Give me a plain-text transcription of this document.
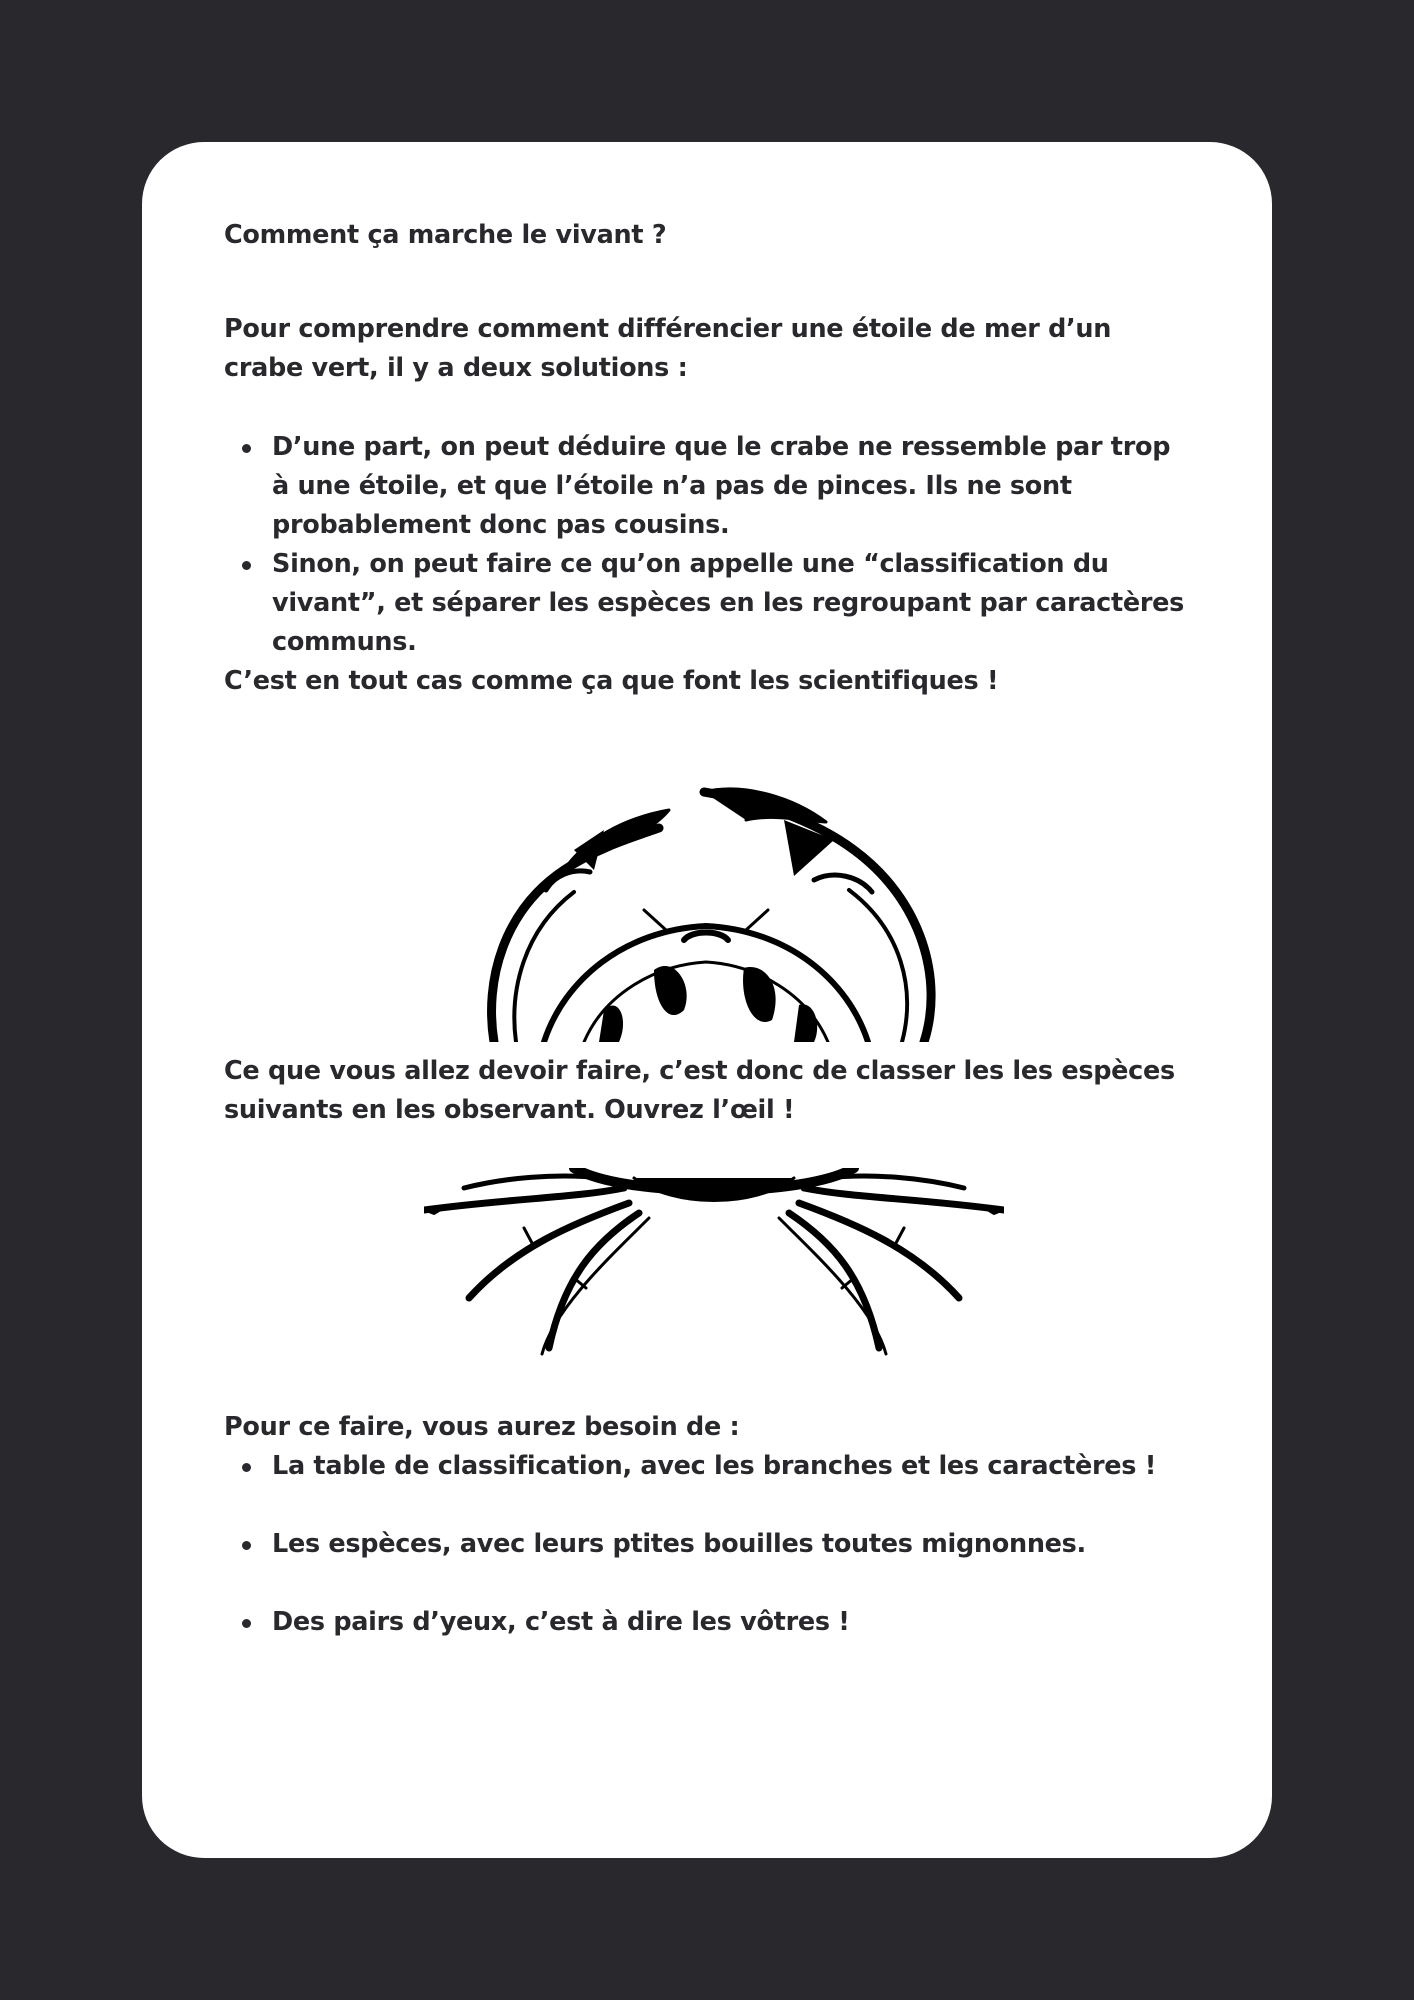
Comment ça marche le vivant ?

Pour comprendre comment différencier une étoile de mer d’un crabe vert, il y a deux solutions :

D’une part, on peut déduire que le crabe ne ressemble par trop à une étoile, et que l’étoile n’a pas de pinces. Ils ne sont probablement donc pas cousins.
Sinon, on peut faire ce qu’on appelle une “classification du vivant”, et séparer les espèces en les regroupant par caractères communs.

C’est en tout cas comme ça que font les scientifiques !

Ce que vous allez devoir faire, c’est donc de classer les les espèces suivants en les observant. Ouvrez l’œil !

Pour ce faire, vous aurez besoin de :

La table de classification, avec les branches et les caractères !
Les espèces, avec leurs ptites bouilles toutes mignonnes.
Des pairs d’yeux, c’est à dire les vôtres !
